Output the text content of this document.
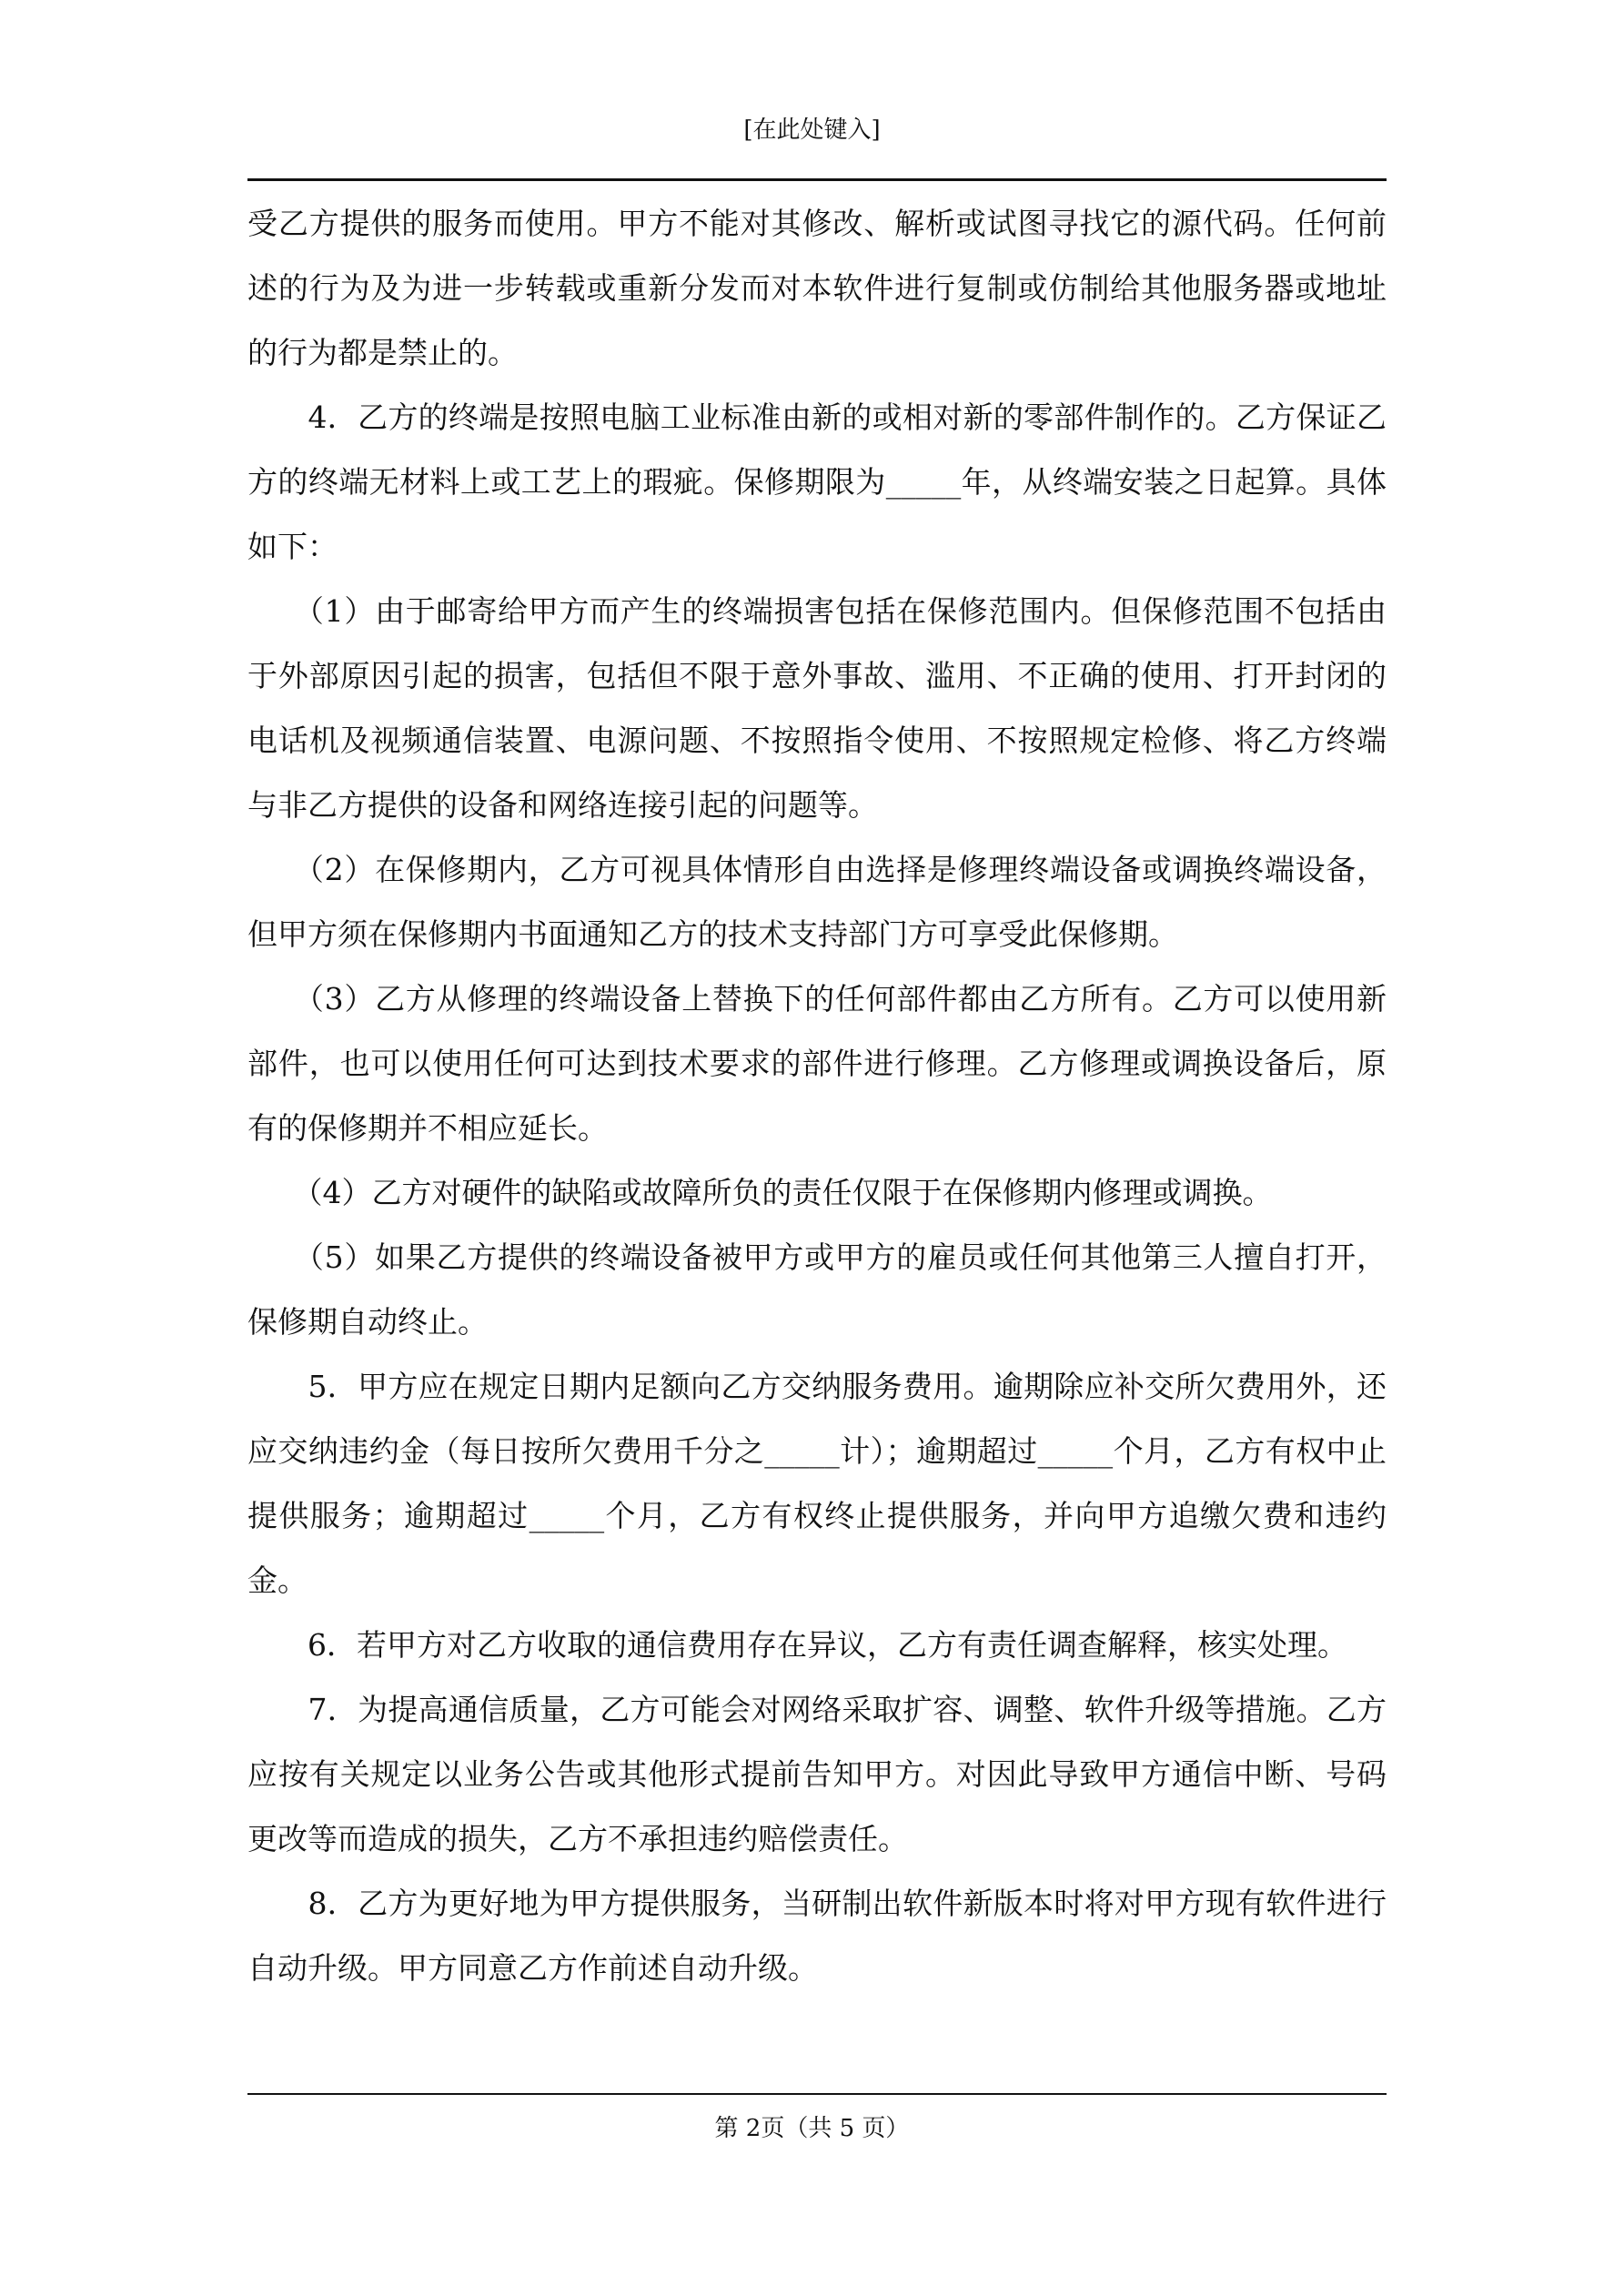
[在此处键入]

受乙方提供的服务而使用。甲方不能对其修改、解析或试图寻找它的源代码。任何前述的行为及为进一步转载或重新分发而对本软件进行复制或仿制给其他服务器或地址的行为都是禁止的。

　　4．乙方的终端是按照电脑工业标准由新的或相对新的零部件制作的。乙方保证乙方的终端无材料上或工艺上的瑕疵。保修期限为_____年，从终端安装之日起算。具体如下：

　　（1）由于邮寄给甲方而产生的终端损害包括在保修范围内。但保修范围不包括由于外部原因引起的损害，包括但不限于意外事故、滥用、不正确的使用、打开封闭的电话机及视频通信装置、电源问题、不按照指令使用、不按照规定检修、将乙方终端与非乙方提供的设备和网络连接引起的问题等。

　　（2）在保修期内，乙方可视具体情形自由选择是修理终端设备或调换终端设备，但甲方须在保修期内书面通知乙方的技术支持部门方可享受此保修期。

　　（3）乙方从修理的终端设备上替换下的任何部件都由乙方所有。乙方可以使用新部件，也可以使用任何可达到技术要求的部件进行修理。乙方修理或调换设备后，原有的保修期并不相应延长。

　　（4）乙方对硬件的缺陷或故障所负的责任仅限于在保修期内修理或调换。

　　（5）如果乙方提供的终端设备被甲方或甲方的雇员或任何其他第三人擅自打开，保修期自动终止。

　　5．甲方应在规定日期内足额向乙方交纳服务费用。逾期除应补交所欠费用外，还应交纳违约金（每日按所欠费用千分之_____计）；逾期超过_____个月，乙方有权中止提供服务；逾期超过_____个月，乙方有权终止提供服务，并向甲方追缴欠费和违约金。

　　6．若甲方对乙方收取的通信费用存在异议，乙方有责任调查解释，核实处理。

　　7．为提高通信质量，乙方可能会对网络采取扩容、调整、软件升级等措施。乙方应按有关规定以业务公告或其他形式提前告知甲方。对因此导致甲方通信中断、号码更改等而造成的损失，乙方不承担违约赔偿责任。

　　8．乙方为更好地为甲方提供服务，当研制出软件新版本时将对甲方现有软件进行自动升级。甲方同意乙方作前述自动升级。

第 2页（共 5 页）
